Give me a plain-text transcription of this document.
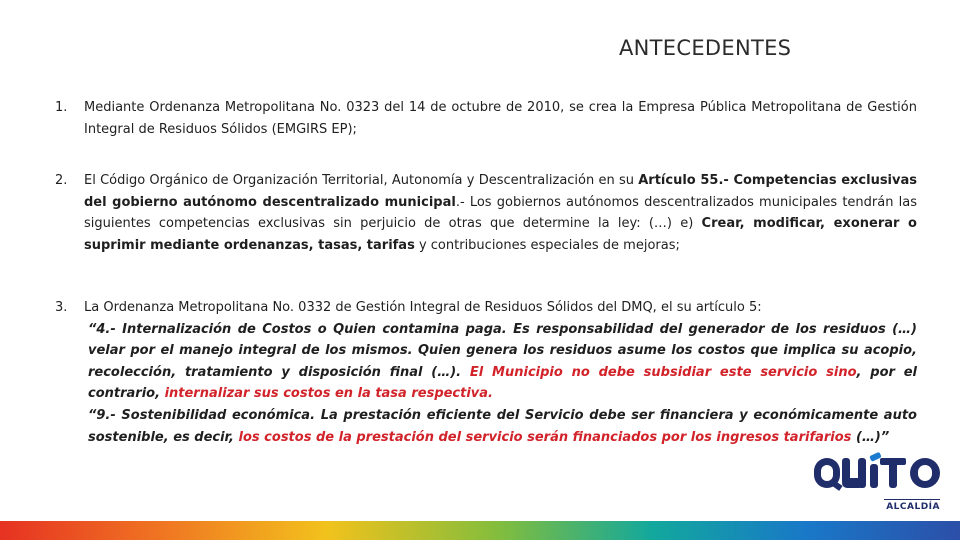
ANTECEDENTES
1.	Mediante Ordenanza Metropolitana No. 0323 del 14 de octubre de 2010, se crea la Empresa Pública Metropolitana de Gestión Integral de Residuos Sólidos (EMGIRS EP);
2.	El Código Orgánico de Organización Territorial, Autonomía y Descentralización en su Artículo 55.- Competencias exclusivas del gobierno autónomo descentralizado municipal.- Los gobiernos autónomos descentralizados municipales tendrán las siguientes competencias exclusivas sin perjuicio de otras que determine la ley: (…) e) Crear, modificar, exonerar o suprimir mediante ordenanzas, tasas, tarifas y contribuciones especiales de mejoras;
3.	La Ordenanza Metropolitana No. 0332 de Gestión Integral de Residuos Sólidos del DMQ, el su artículo 5:
“4.- Internalización de Costos o Quien contamina paga. Es responsabilidad del generador de los residuos (…) velar por el manejo integral de los mismos. Quien genera los residuos asume los costos que implica su acopio, recolección, tratamiento y disposición final (…). El Municipio no debe subsidiar este servicio sino, por el contrario, internalizar sus costos en la tasa respectiva.
“9.- Sostenibilidad económica. La prestación eficiente del Servicio debe ser financiera y económicamente auto sostenible, es decir, los costos de la prestación del servicio serán financiados por los ingresos tarifarios (…)”
ALCALDÍA
